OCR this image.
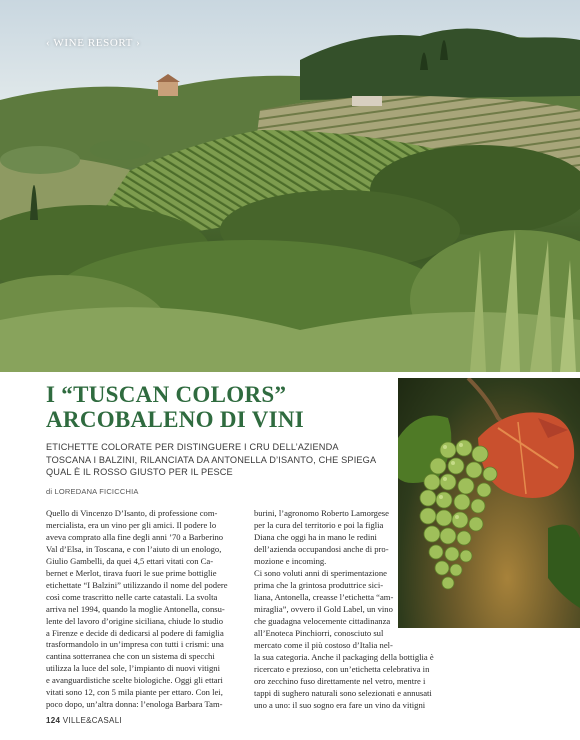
‹ WINE RESORT ›
I “TUSCAN COLORS”
ARCOBALENO DI VINI
ETICHETTE COLORATE PER DISTINGUERE I CRU DELL’AZIENDA
TOSCANA I BALZINI, RILANCIATA DA ANTONELLA D’ISANTO, CHE SPIEGA
QUAL È IL ROSSO GIUSTO PER IL PESCE
di LOREDANA FICICCHIA
Quello di Vincenzo D’Isanto, di professione com-
mercialista, era un vino per gli amici. Il podere lo
aveva comprato alla fine degli anni ’70 a Barberino
Val d’Elsa, in Toscana, e con l’aiuto di un enologo,
Giulio Gambelli, da quei 4,5 ettari vitati con Ca-
bernet e Merlot, tirava fuori le sue prime bottiglie
etichettate “I Balzini” utilizzando il nome del podere
così come trascritto nelle carte catastali. La svolta
arriva nel 1994, quando la moglie Antonella, consu-
lente del lavoro d’origine siciliana, chiude lo studio
a Firenze e decide di dedicarsi al podere di famiglia
trasformandolo in un’impresa con tutti i crismi: una
cantina sotterranea che con un sistema di specchi
utilizza la luce del sole, l’impianto di nuovi vitigni
e avanguardistiche scelte biologiche. Oggi gli ettari
vitati sono 12, con 5 mila piante per ettaro. Con lei,
poco dopo, un’altra donna: l’enologa Barbara Tam-
burini, l’agronomo Roberto Lamorgese
per la cura del territorio e poi la figlia
Diana che oggi ha in mano le redini
dell’azienda occupandosi anche di pro-
mozione e incoming.
Ci sono voluti anni di sperimentazione
prima che la grintosa produttrice sici-
liana, Antonella, creasse l’etichetta “am-
miraglia”, ovvero il Gold Label, un vino
che guadagna velocemente cittadinanza
all’Enoteca Pinchiorri, conosciuto sul
mercato come il più costoso d’Italia nel-
la sua categoria. Anche il packaging della bottiglia è
ricercato e prezioso, con un’etichetta celebrativa in
oro zecchino fuso direttamente nel vetro, mentre i
tappi di sughero naturali sono selezionati e annusati
uno a uno: il suo sogno era fare un vino da vitigni
124 VILLE&CASALI
